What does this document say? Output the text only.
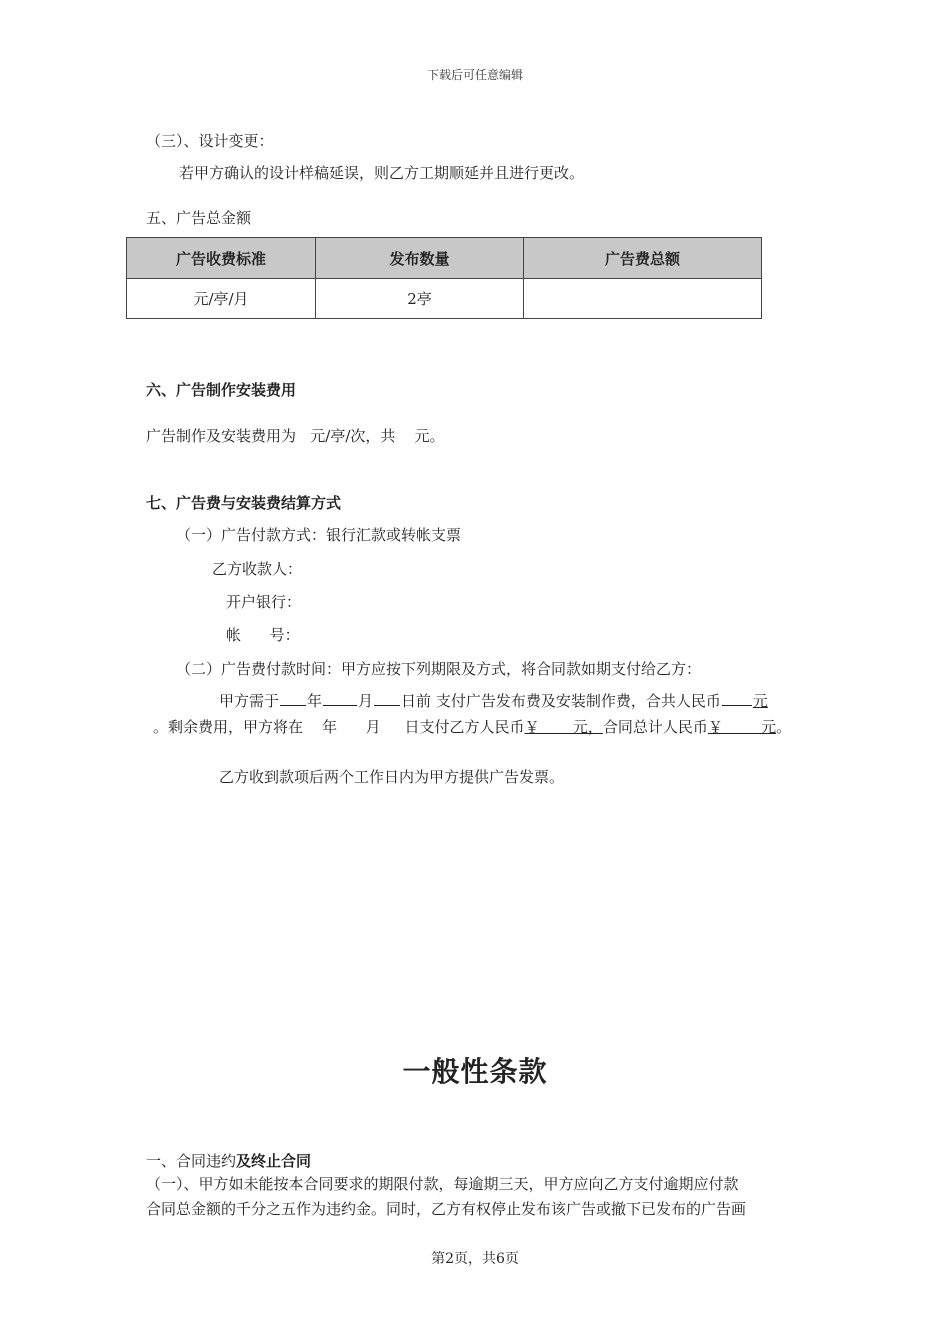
下载后可任意编辑
（三）、设计变更：
若甲方确认的设计样稿延误，则乙方工期顺延并且进行更改。
五、广告总金额
广告收费标准	发布数量	广告费总额
元/亭/月	2亭	
六、广告制作安装费用
广告制作及安装费用为   元/亭/次，共    元。
七、广告费与安装费结算方式
（一）广告付款方式：银行汇款或转帐支票
乙方收款人：
开户银行：
帐      号：
（二）广告费付款时间：甲方应按下列期限及方式，将合同款如期支付给乙方：
甲方需于 年 月 日前 支付广告发布费及安装制作费，合共人民币 元
。剩余费用，甲方将在    年      月     日支付乙方人民币￥       元，合同总计人民币￥        元。
乙方收到款项后两个工作日内为甲方提供广告发票。
一般性条款
一、合同违约及终止合同
（一）、甲方如未能按本合同要求的期限付款，每逾期三天，甲方应向乙方支付逾期应付款
合同总金额的千分之五作为违约金。同时，乙方有权停止发布该广告或撤下已发布的广告画
第2页，共6页
